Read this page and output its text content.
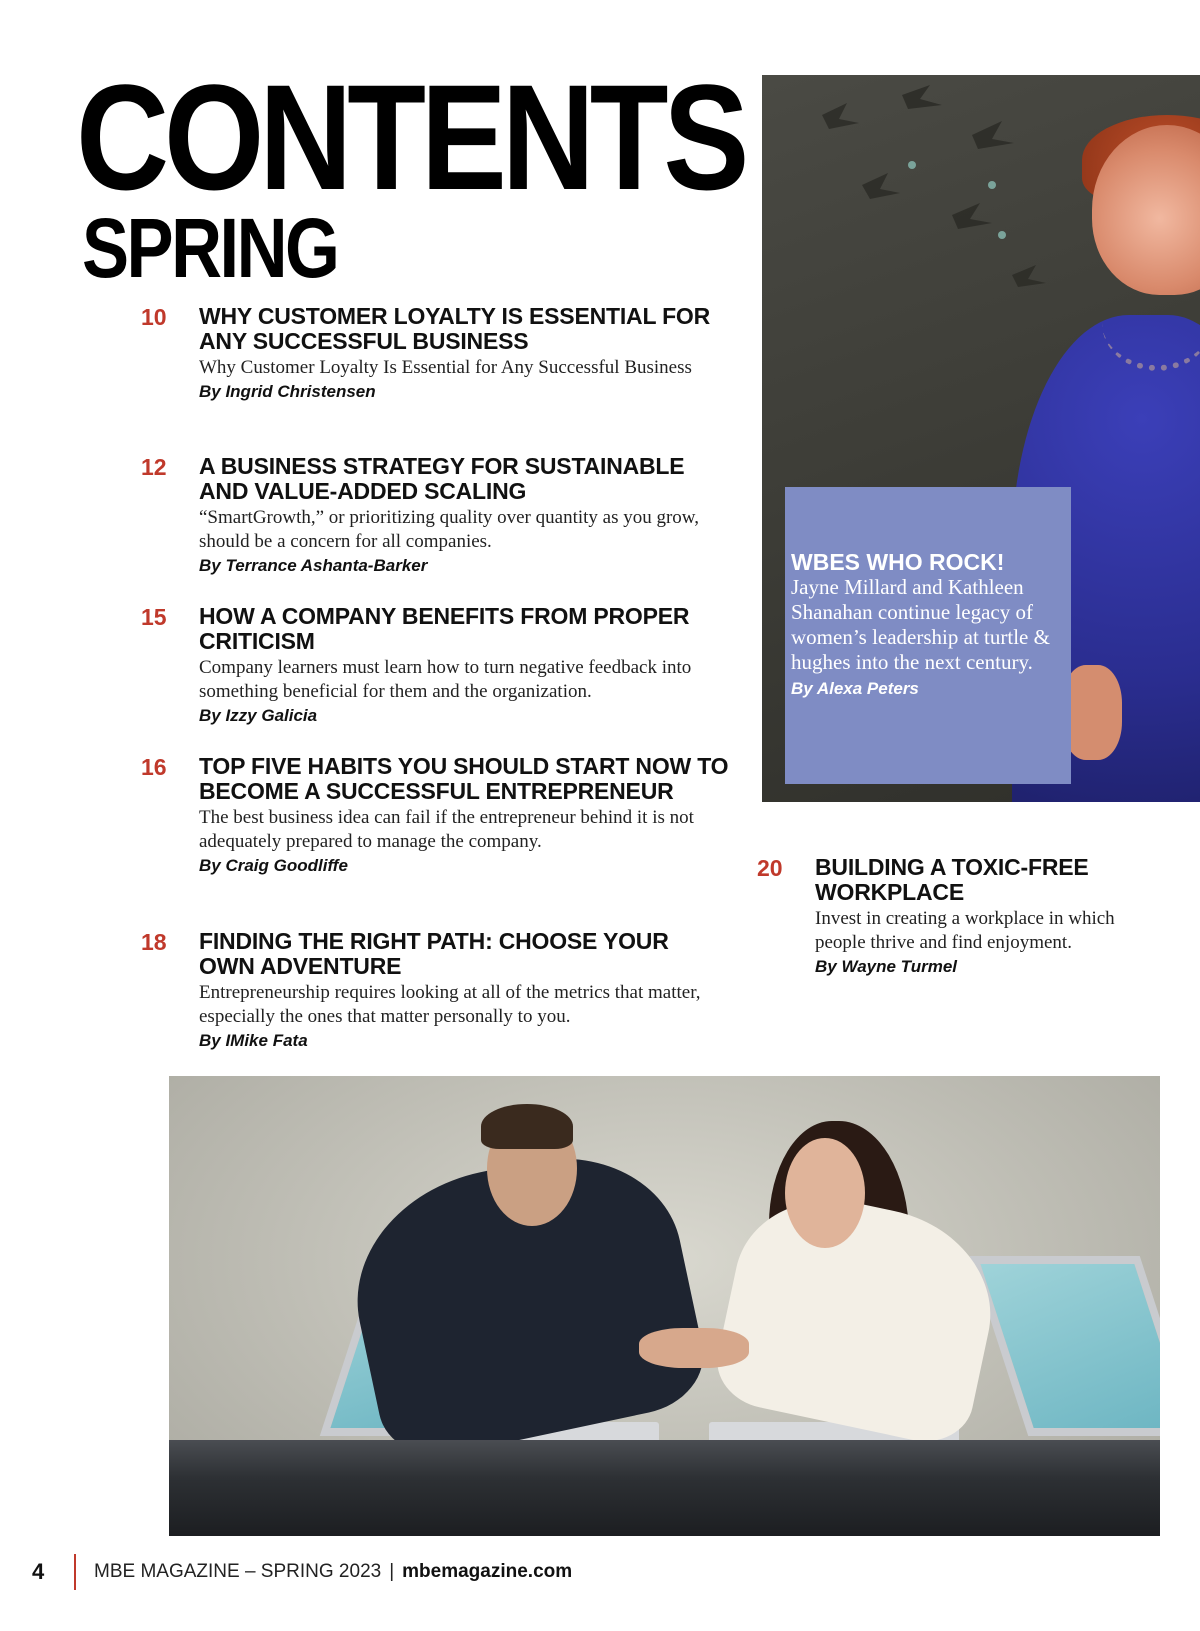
CONTENTS
SPRING
10 WHY CUSTOMER LOYALTY IS ESSENTIAL FOR ANY SUCCESSFUL BUSINESS

Why Customer Loyalty Is Essential for Any Successful Business

By Ingrid Christensen

12 A BUSINESS STRATEGY FOR SUSTAINABLE AND VALUE-ADDED SCALING

“SmartGrowth,” or prioritizing quality over quantity as you grow, should be a concern for all companies.

By Terrance Ashanta-Barker

15 HOW A COMPANY BENEFITS FROM PROPER CRITICISM

Company learners must learn how to turn negative feedback into something beneficial for them and the organization.

By Izzy Galicia

16 TOP FIVE HABITS YOU SHOULD START NOW TO BECOME A SUCCESSFUL ENTREPRENEUR

The best business idea can fail if the entrepreneur behind it is not adequately prepared to manage the company.

By Craig Goodliffe

18 FINDING THE RIGHT PATH: CHOOSE YOUR OWN ADVENTURE

Entrepreneurship requires looking at all of the metrics that matter, especially the ones that matter personally to you.

By IMike Fata

20 BUILDING A TOXIC-FREE WORKPLACE

Invest in creating a workplace in which people thrive and find enjoyment.

By Wayne Turmel

WBES WHO ROCK!

Jayne Millard and Kathleen Shanahan continue legacy of women’s leadership at turtle & hughes into the next century.

By Alexa Peters

4	MBE MAGAZINE – SPRING 2023 | mbemagazine.com
